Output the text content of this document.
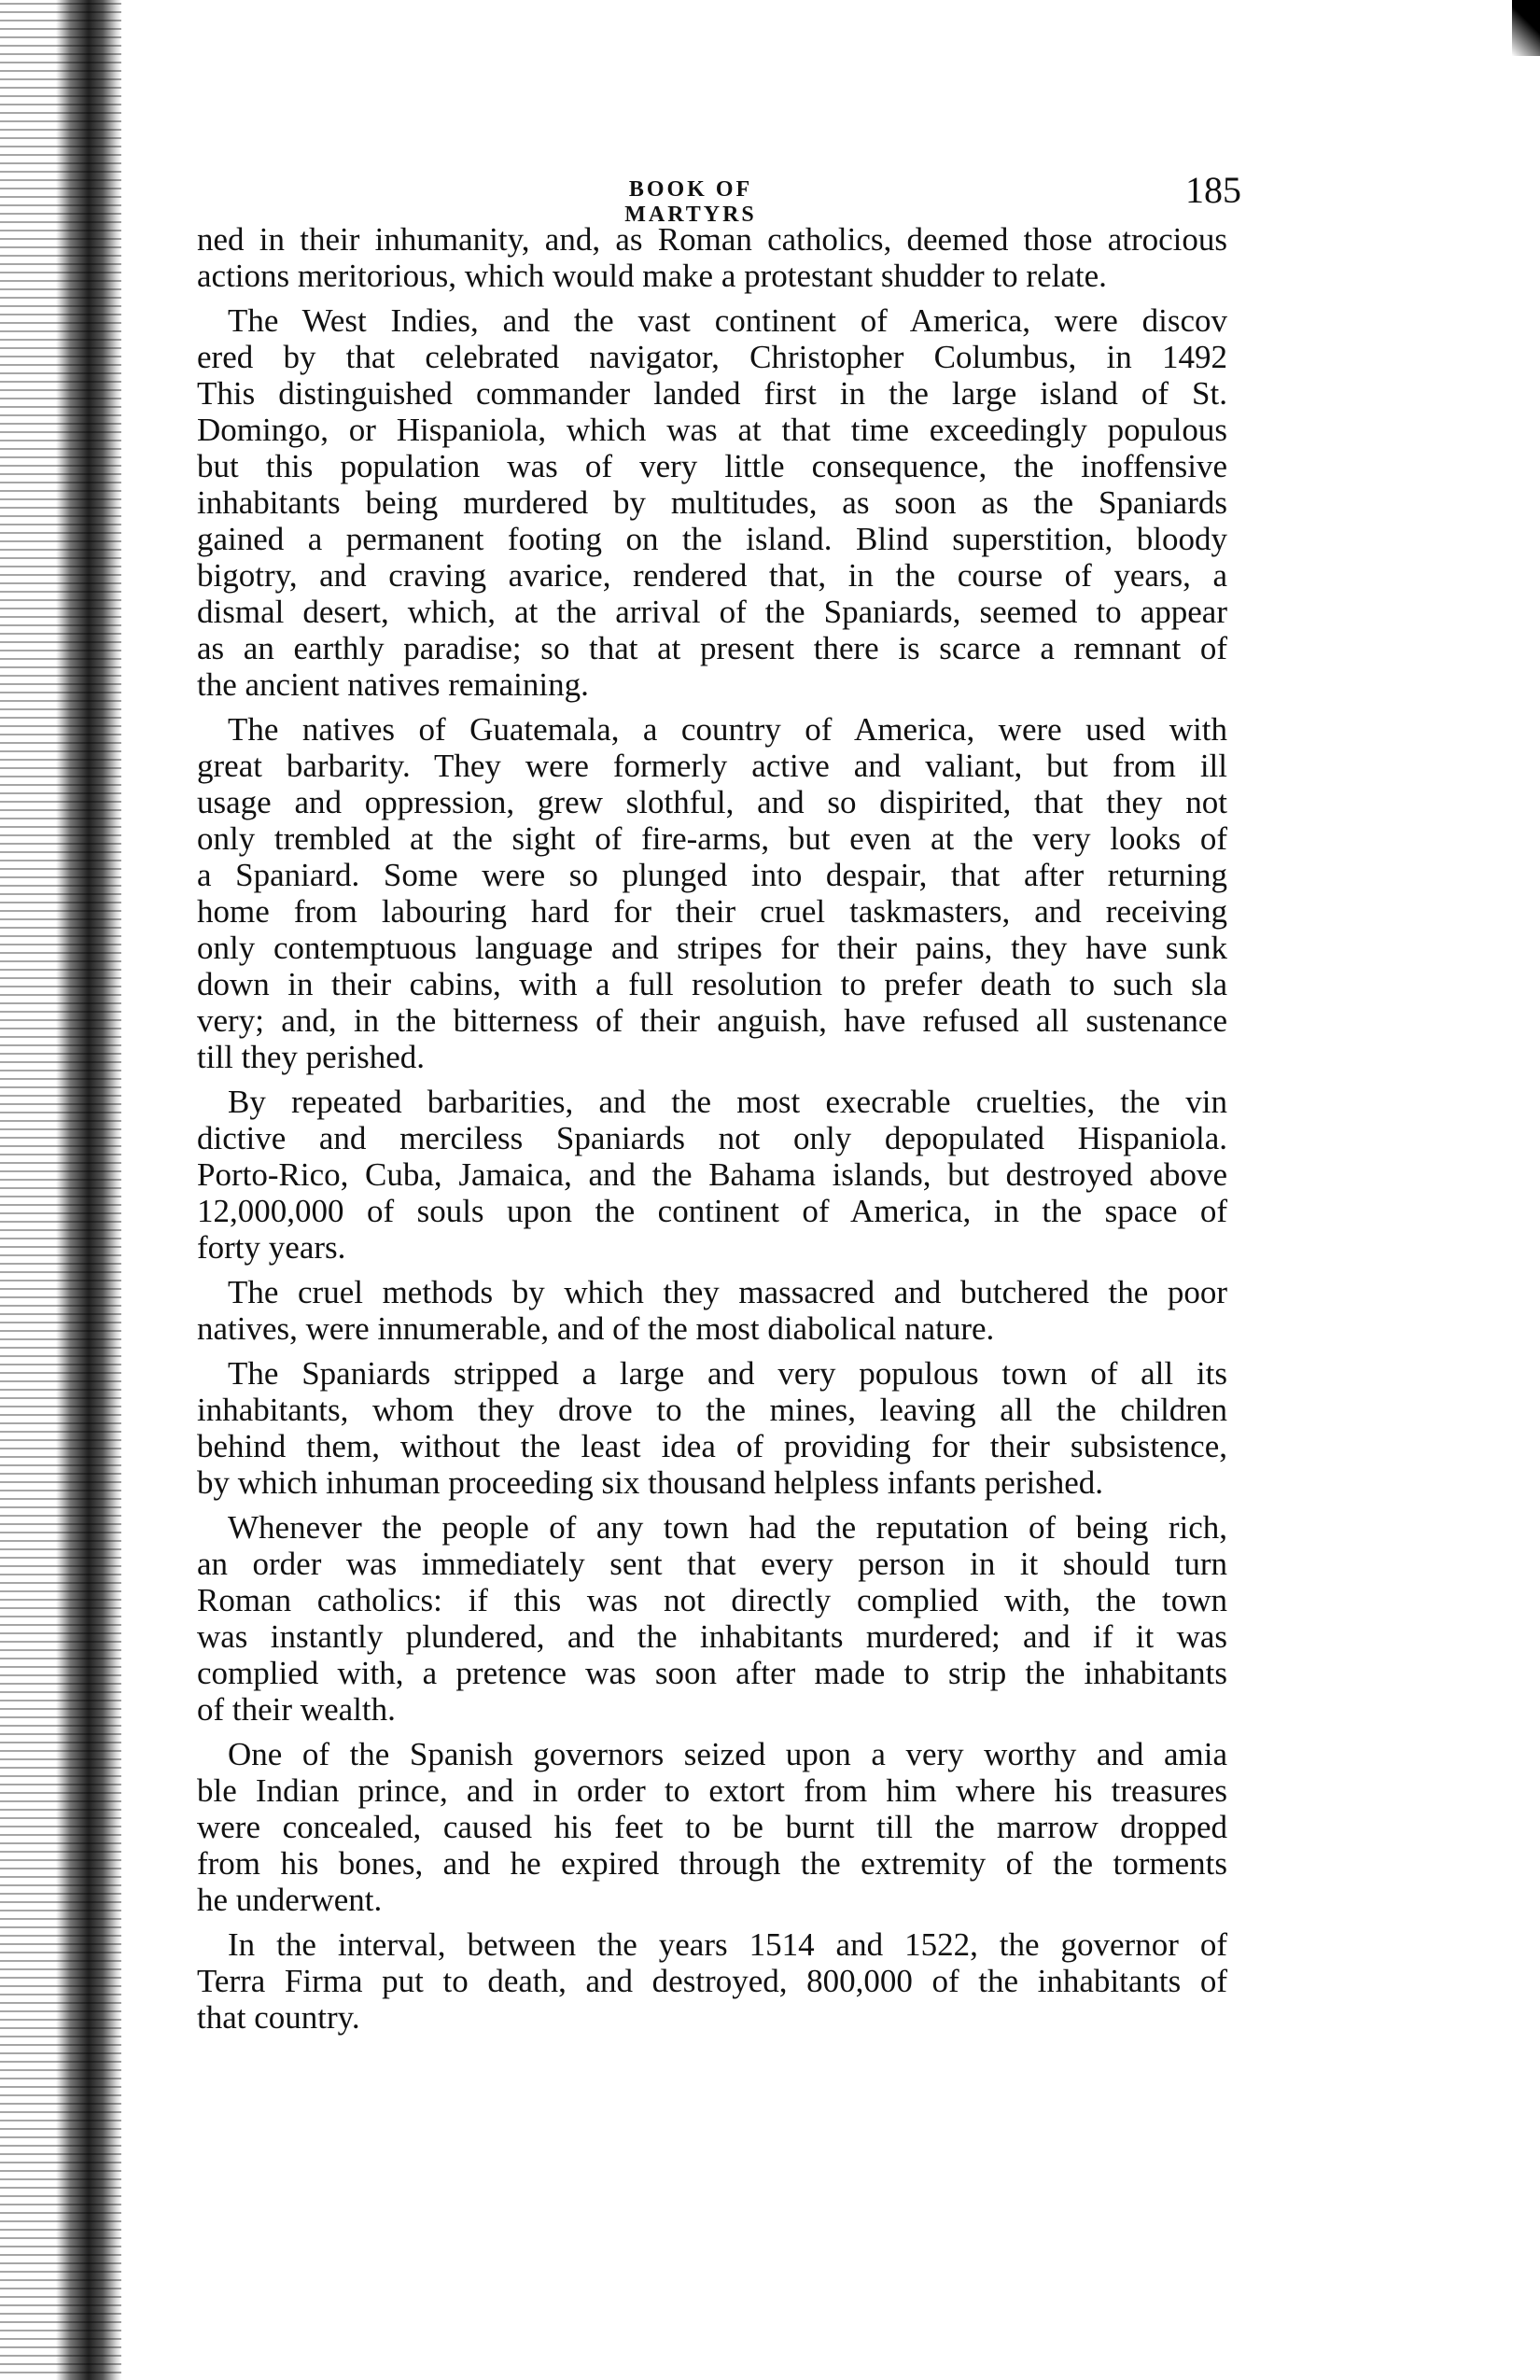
BOOK OF MARTYRS
185
ned in their inhumanity, and, as Roman catholics, deemed those atrocious
actions meritorious, which would make a protestant shudder to relate.
The West Indies, and the vast continent of America, were discov
ered by that celebrated navigator, Christopher Columbus, in 1492
This distinguished commander landed first in the large island of St.
Domingo, or Hispaniola, which was at that time exceedingly populous
but this population was of very little consequence, the inoffensive
inhabitants being murdered by multitudes, as soon as the Spaniards
gained a permanent footing on the island. Blind superstition, bloody
bigotry, and craving avarice, rendered that, in the course of years, a
dismal desert, which, at the arrival of the Spaniards, seemed to appear
as an earthly paradise; so that at present there is scarce a remnant of
the ancient natives remaining.
The natives of Guatemala, a country of America, were used with
great barbarity. They were formerly active and valiant, but from ill
usage and oppression, grew slothful, and so dispirited, that they not
only trembled at the sight of fire-arms, but even at the very looks of
a Spaniard. Some were so plunged into despair, that after returning
home from labouring hard for their cruel taskmasters, and receiving
only contemptuous language and stripes for their pains, they have sunk
down in their cabins, with a full resolution to prefer death to such sla
very; and, in the bitterness of their anguish, have refused all sustenance
till they perished.
By repeated barbarities, and the most execrable cruelties, the vin
dictive and merciless Spaniards not only depopulated Hispaniola.
Porto-Rico, Cuba, Jamaica, and the Bahama islands, but destroyed above
12,000,000 of souls upon the continent of America, in the space of
forty years.
The cruel methods by which they massacred and butchered the poor
natives, were innumerable, and of the most diabolical nature.
The Spaniards stripped a large and very populous town of all its
inhabitants, whom they drove to the mines, leaving all the children
behind them, without the least idea of providing for their subsistence,
by which inhuman proceeding six thousand helpless infants perished.
Whenever the people of any town had the reputation of being rich,
an order was immediately sent that every person in it should turn
Roman catholics: if this was not directly complied with, the town
was instantly plundered, and the inhabitants murdered; and if it was
complied with, a pretence was soon after made to strip the inhabitants
of their wealth.
One of the Spanish governors seized upon a very worthy and amia
ble Indian prince, and in order to extort from him where his treasures
were concealed, caused his feet to be burnt till the marrow dropped
from his bones, and he expired through the extremity of the torments
he underwent.
In the interval, between the years 1514 and 1522, the governor of
Terra Firma put to death, and destroyed, 800,000 of the inhabitants of
that country.
